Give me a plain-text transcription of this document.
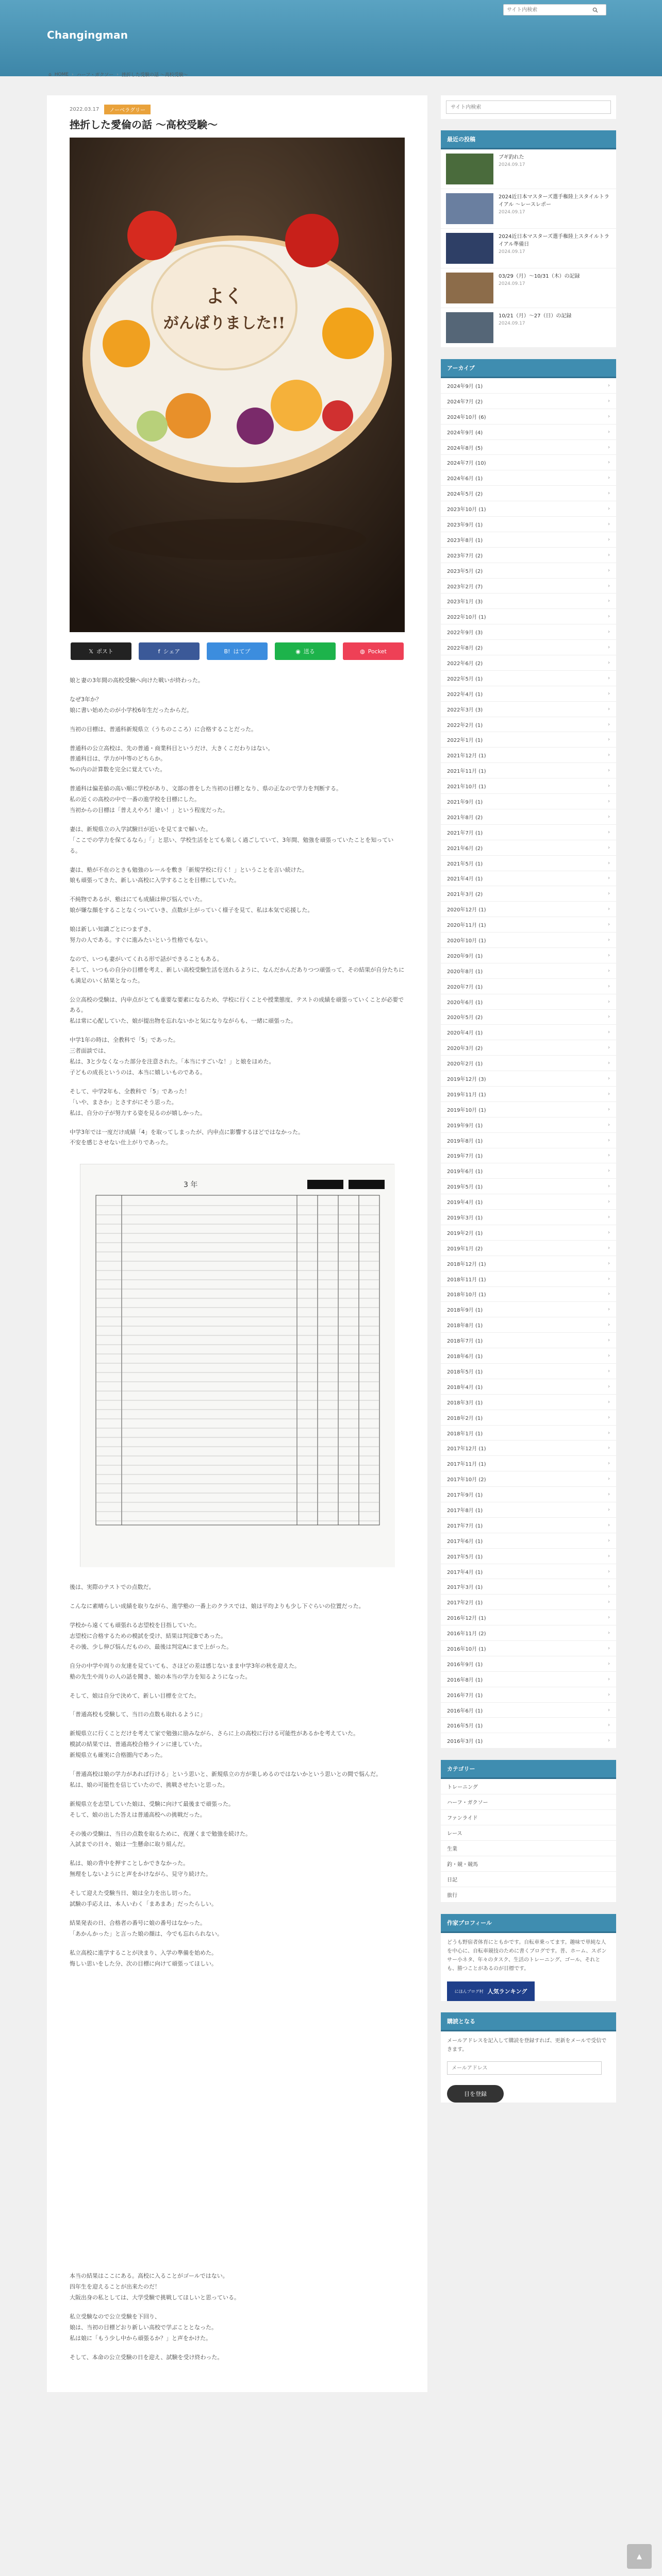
Changingman
サイト内検索
⌂ HOME › ハーフ・ガクソー › 挫折した受験の話 〜高校受験〜
2022.03.17	ノーベラグリー
挫折した愛倫の話 〜高校受験〜
よく
がんばりました!!
𝕏 ポスト	f シェア	B! はてブ	◉ 送る	◍ Pocket

娘と妻の3年間の高校受験へ向けた戦いが終わった。

なぜ3年か？
娘に書い始めたのが小学校6年生だったからだ。

当初の目標は、普通科新規県立（うちのこころ）に合格することだった。

普通科の公立高校は、先の普通・商業科目というだけ、大きくこだわりはない。
普通科目は、学力が中等のどちらか。
%の内の計算数を完全に覚えていた。

普通科は偏差値の高い順に学校があり、文部の普をした当初の目標となり、県の正なので学力を判断する。
私の近くの高校の中で一番の進学校を目標にした。
当初からの目標は「普ええやろ！違い！」という程度だった。

妻は、新規県立の入学試験日が近いを見てまで解いた。
「ここでの学力を保てるなら」「」と思い、学校生活をとても楽しく過ごしていて、3年間、勉強を頑張っていたことを知っている。

妻は、塾が不在のときも勉強のレールを敷き「新規学校に行く！」ということを言い続けた。
娘も頑張ってきた、新しい高校に入学することを目標にしていた。

不純物であるが、塾はにても成績は伸び悩んでいた。
娘が嫌な顔をすることなくついていき、点数が上がっていく様子を見て、私は本気で応援した。

娘は新しい知識ごとにつまずき、
努力の人である。すぐに進みたいという性格でもない。

なので、いつも妻がいてくれる形で話ができることもある。
そして、いつもの自分の目標を考え、新しい高校受験生活を送れるように、なんだかんだありつつ頑張って、その結果が自分たちにも満足のいく結果となった。

公立高校の受験は、内申点がとても重要な要素になるため、学校に行くことや授業態度、テストの成績を頑張っていくことが必要である。
私は常に心配していた、娘が提出物を忘れないかと気になりながらも、一緒に頑張った。

中学1年の時は、全教科で「5」であった。
三者面談では、
私は、3と少なくなった部分を注意された。「本当にすごいな！」と娘をほめた。
子どもの成長というのは、本当に嬉しいものである。

そして、中学2年も、全教科で「5」であった！
「いや、まさか」とさすがにそう思った。
私は、自分の子が努力する姿を見るのが嬉しかった。

中学3年では一度だけ成績「4」を取ってしまったが、内申点に影響するほどではなかった。
不安を感じさせない仕上がりであった。

3 年

後は、実際のテストでの点数だ。

こんなに素晴らしい成績を取りながら、進学塾の一番上のクラスでは、娘は平均よりも少し下ぐらいの位置だった。

学校から遠くても頑張れる志望校を目指していた。
志望校に合格するための模試を受け、結果は判定Bであった。
その後、少し伸び悩んだものの、最後は判定Aにまで上がった。

自分の中学や周りの友達を見ていても、さほどの差は感じないまま中学3年の秋を迎えた。
塾の先生や周りの人の話を聞き、娘の本当の学力を知るようになった。

そして、娘は自分で決めて、新しい目標を立てた。

「普通高校も受験して、当日の点数も取れるように」

新規県立に行くことだけを考えて家で勉強に励みながら、さらに上の高校に行ける可能性があるかを考えていた。
模試の結果では、普通高校合格ラインに達していた。
新規県立も確実に合格圏内であった。

「普通高校は娘の学力があれば行ける」という思いと、新規県立の方が楽しめるのではないかという思いとの間で悩んだ。
私は、娘の可能性を信じていたので、挑戦させたいと思った。

新規県立を志望していた娘は、受験に向けて最後まで頑張った。
そして、娘の出した答えは普通高校への挑戦だった。

その後の受験は、当日の点数を取るために、夜遅くまで勉強を続けた。
入試までの日々、娘は一生懸命に取り組んだ。

私は、娘の背中を押すことしかできなかった。
無理をしないようにと声をかけながら、見守り続けた。

そして迎えた受験当日、娘は全力を出し切った。
試験の手応えは、本人いわく「まあまあ」だったらしい。

結果発表の日、合格者の番号に娘の番号はなかった。
「あかんかった」と言った娘の顔は、今でも忘れられない。

私立高校に進学することが決まり、入学の準備を始めた。
悔しい思いをした分、次の目標に向けて頑張ってほしい。

本当の結果はここにある。高校に入ることがゴールではない。
四年生を迎えることが出来たのだ！
大阪出身の私としては、大学受験で挑戦してほしいと思っている。

私立受験なので公立受験を下回り、
娘は、当初の目標どおり新しい高校で学ぶこととなった。
私は娘に「もう少し中から頑張るか？」と声をかけた。

そして、本命の公立受験の日を迎え、試験を受け終わった。

サイト内検索
最近の投稿
ブギ釣れた
2024.09.17
2024近日本マスターズ選手権陸上スタイルトライアル ～レースレポー
2024.09.17
2024近日本マスターズ選手権陸上スタイルトライアル準備日
2024.09.17
03/29（月）～10/31（木）の記録
2024.09.17
10/21（月）～27（日）の記録
2024.09.17
アーカイブ
2024年9月 (1)	›
2024年7月 (2)	›
2024年10月 (6)	›
2024年9月 (4)	›
2024年8月 (5)	›
2024年7月 (10)	›
2024年6月 (1)	›
2024年5月 (2)	›
2023年10月 (1)	›
2023年9月 (1)	›
2023年8月 (1)	›
2023年7月 (2)	›
2023年5月 (2)	›
2023年2月 (7)	›
2023年1月 (3)	›
2022年10月 (1)	›
2022年9月 (3)	›
2022年8月 (2)	›
2022年6月 (2)	›
2022年5月 (1)	›
2022年4月 (1)	›
2022年3月 (3)	›
2022年2月 (1)	›
2022年1月 (1)	›
2021年12月 (1)	›
2021年11月 (1)	›
2021年10月 (1)	›
2021年9月 (1)	›
2021年8月 (2)	›
2021年7月 (1)	›
2021年6月 (2)	›
2021年5月 (1)	›
2021年4月 (1)	›
2021年3月 (2)	›
2020年12月 (1)	›
2020年11月 (1)	›
2020年10月 (1)	›
2020年9月 (1)	›
2020年8月 (1)	›
2020年7月 (1)	›
2020年6月 (1)	›
2020年5月 (2)	›
2020年4月 (1)	›
2020年3月 (2)	›
2020年2月 (1)	›
2019年12月 (3)	›
2019年11月 (1)	›
2019年10月 (1)	›
2019年9月 (1)	›
2019年8月 (1)	›
2019年7月 (1)	›
2019年6月 (1)	›
2019年5月 (1)	›
2019年4月 (1)	›
2019年3月 (1)	›
2019年2月 (1)	›
2019年1月 (2)	›
2018年12月 (1)	›
2018年11月 (1)	›
2018年10月 (1)	›
2018年9月 (1)	›
2018年8月 (1)	›
2018年7月 (1)	›
2018年6月 (1)	›
2018年5月 (1)	›
2018年4月 (1)	›
2018年3月 (1)	›
2018年2月 (1)	›
2018年1月 (1)	›
2017年12月 (1)	›
2017年11月 (1)	›
2017年10月 (2)	›
2017年9月 (1)	›
2017年8月 (1)	›
2017年7月 (1)	›
2017年6月 (1)	›
2017年5月 (1)	›
2017年4月 (1)	›
2017年3月 (1)	›
2017年2月 (1)	›
2016年12月 (1)	›
2016年11月 (2)	›
2016年10月 (1)	›
2016年9月 (1)	›
2016年8月 (1)	›
2016年7月 (1)	›
2016年6月 (1)	›
2016年5月 (1)	›
2016年3月 (1)	›
カテゴリー
トレーニング
ハーフ・ガクソー
ファンライド
レース
生業
釣・競・競馬
日記
旅行
作家プロフィール
どうも野宿者体育にともかです。自転車乗ってます。趣味で単純な人を中心に、自転車競技のために書くブログです。普、ホーム、スポンサー小ネタ、年々のタスク、生活のトレーニング、ゴール、それとも、勝つことがあるのが目標です。
にほんブログ村 人気ランキング
購読となる
メールアドレスを記入して購読を登録すれば、更新をメールで受信できます。
メールアドレス
目を登録
▲
